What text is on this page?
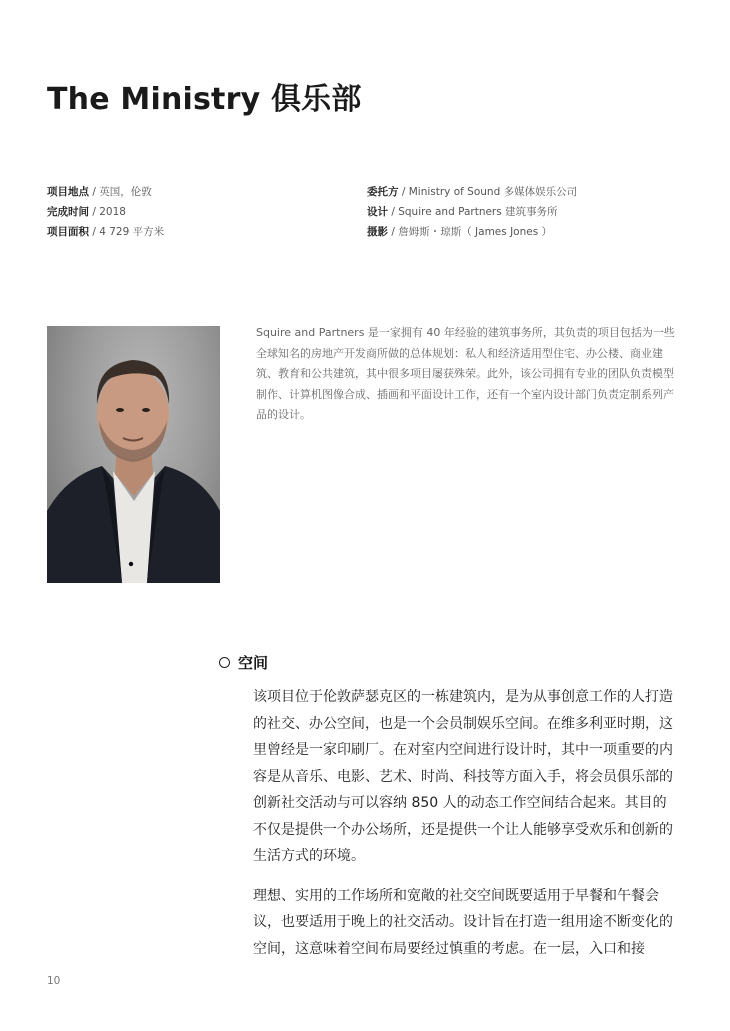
The Ministry 俱乐部
项目地点 / 英国，伦敦
完成时间 / 2018
项目面积 / 4 729 平方米
委托方 / Ministry of Sound 多媒体娱乐公司
设计 / Squire and Partners 建筑事务所
摄影 / 詹姆斯・琼斯（ James Jones ）
Squire and Partners 是一家拥有 40 年经验的建筑事务所，其负责的项目包括为一些全球知名的房地产开发商所做的总体规划：私人和经济适用型住宅、办公楼、商业建筑、教育和公共建筑，其中很多项目屡获殊荣。此外，该公司拥有专业的团队负责模型制作、计算机图像合成、插画和平面设计工作，还有一个室内设计部门负责定制系列产品的设计。
空间

该项目位于伦敦萨瑟克区的一栋建筑内，是为从事创意工作的人打造的社交、办公空间，也是一个会员制娱乐空间。在维多利亚时期，这里曾经是一家印刷厂。在对室内空间进行设计时，其中一项重要的内容是从音乐、电影、艺术、时尚、科技等方面入手，将会员俱乐部的创新社交活动与可以容纳 850 人的动态工作空间结合起来。其目的不仅是提供一个办公场所，还是提供一个让人能够享受欢乐和创新的生活方式的环境。

理想、实用的工作场所和宽敞的社交空间既要适用于早餐和午餐会议，也要适用于晚上的社交活动。设计旨在打造一组用途不断变化的空间，这意味着空间布局要经过慎重的考虑。在一层，入口和接

10
